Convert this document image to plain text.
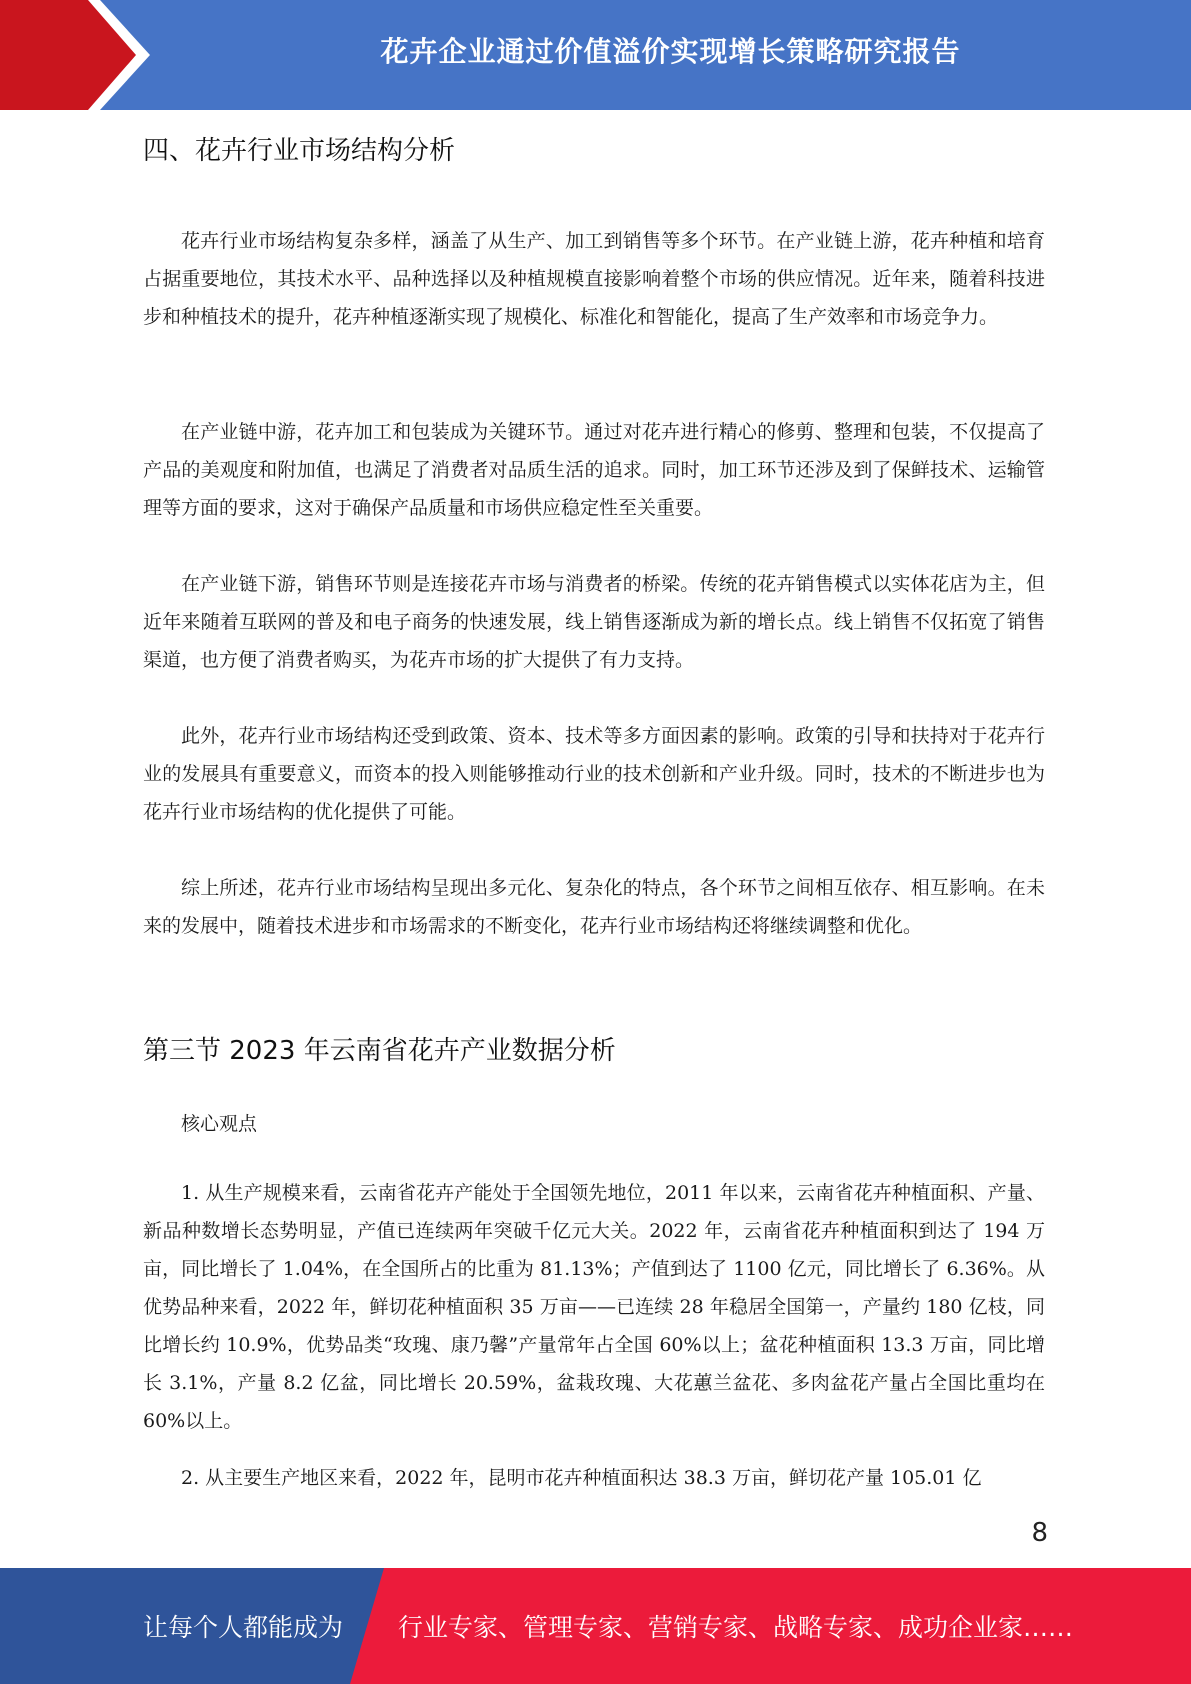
花卉企业通过价值溢价实现增长策略研究报告
四、花卉行业市场结构分析

花卉行业市场结构复杂多样，涵盖了从生产、加工到销售等多个环节。在产业链上游，花卉种植和培育占据重要地位，其技术水平、品种选择以及种植规模直接影响着整个市场的供应情况。近年来，随着科技进步和种植技术的提升，花卉种植逐渐实现了规模化、标准化和智能化，提高了生产效率和市场竞争力。

在产业链中游，花卉加工和包装成为关键环节。通过对花卉进行精心的修剪、整理和包装，不仅提高了产品的美观度和附加值，也满足了消费者对品质生活的追求。同时，加工环节还涉及到了保鲜技术、运输管理等方面的要求，这对于确保产品质量和市场供应稳定性至关重要。

在产业链下游，销售环节则是连接花卉市场与消费者的桥梁。传统的花卉销售模式以实体花店为主，但近年来随着互联网的普及和电子商务的快速发展，线上销售逐渐成为新的增长点。线上销售不仅拓宽了销售渠道，也方便了消费者购买，为花卉市场的扩大提供了有力支持。

此外，花卉行业市场结构还受到政策、资本、技术等多方面因素的影响。政策的引导和扶持对于花卉行业的发展具有重要意义，而资本的投入则能够推动行业的技术创新和产业升级。同时，技术的不断进步也为花卉行业市场结构的优化提供了可能。

综上所述，花卉行业市场结构呈现出多元化、复杂化的特点，各个环节之间相互依存、相互影响。在未来的发展中，随着技术进步和市场需求的不断变化，花卉行业市场结构还将继续调整和优化。

第三节 2023 年云南省花卉产业数据分析

核心观点

1. 从生产规模来看，云南省花卉产能处于全国领先地位，2011 年以来，云南省花卉种植面积、产量、新品种数增长态势明显，产值已连续两年突破千亿元大关。2022 年，云南省花卉种植面积到达了 194 万亩，同比增长了 1.04%，在全国所占的比重为 81.13%；产值到达了 1100 亿元，同比增长了 6.36%。从优势品种来看，2022 年，鲜切花种植面积 35 万亩——已连续 28 年稳居全国第一，产量约 180 亿枝，同比增长约 10.9%，优势品类“玫瑰、康乃馨”产量常年占全国 60%以上；盆花种植面积 13.3 万亩，同比增长 3.1%，产量 8.2 亿盆，同比增长 20.59%，盆栽玫瑰、大花蕙兰盆花、多肉盆花产量占全国比重均在 60%以上。

2. 从主要生产地区来看，2022 年，昆明市花卉种植面积达 38.3 万亩，鲜切花产量 105.01 亿

8
让每个人都能成为 行业专家、管理专家、营销专家、战略专家、成功企业家……
